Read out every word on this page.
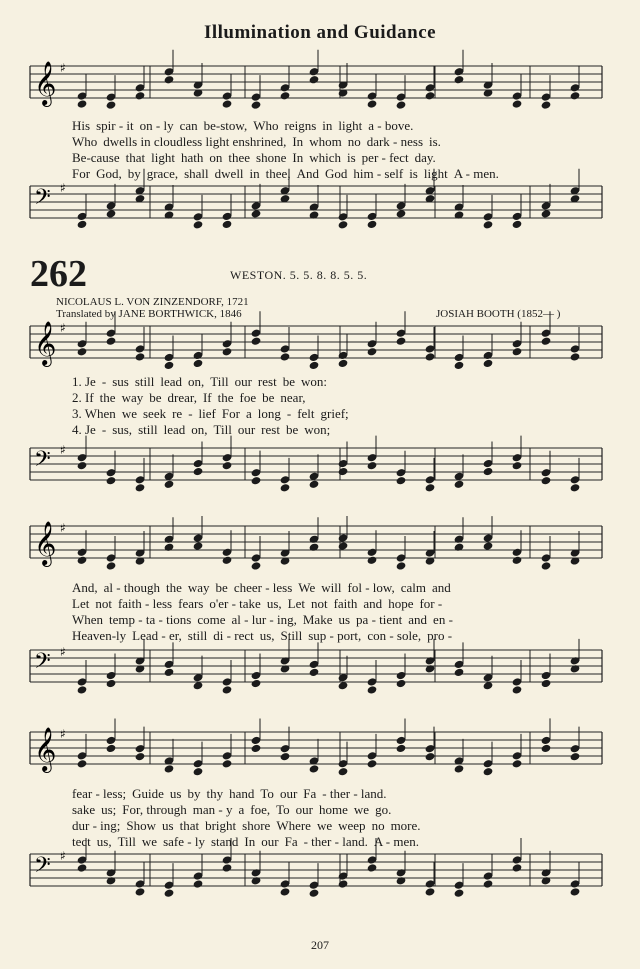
Illumination and Guidance
𝄞 ♯
His spir - it on - ly can be-stow, Who reigns in light a - bove.
Who dwells in cloudless light enshrined, In whom no dark - ness is.
Be-cause that light hath on thee shone In which is per - fect day.
For God, by grace, shall dwell in thee, And God him - self is light A - men.
𝄢 ♯
262	WESTON. 5. 5. 8. 8. 5. 5.
NICOLAUS L. VON ZINZENDORF, 1721
Translated by JANE BORTHWICK, 1846	JOSIAH BOOTH (1852— )
𝄞 ♯
1. Je - sus still lead on, Till our rest be won:
2. If the way be drear, If the foe be near,
3. When we seek re - lief For a long - felt grief;
4. Je - sus, still lead on, Till our rest be won;
𝄢 ♯
𝄞 ♯
And, al - though the way be cheer - less We will fol - low, calm and
Let not faith - less fears o'er - take us, Let not faith and hope for -
When temp - ta - tions come al - lur - ing, Make us pa - tient and en -
Heaven-ly Lead - er, still di - rect us, Still sup - port, con - sole, pro -
𝄢 ♯
𝄞 ♯
fear - less; Guide us by thy hand To our Fa - ther - land.
sake us; For, through man - y a foe, To our home we go.
dur - ing; Show us that bright shore Where we weep no more.
tect us, Till we safe - ly stand In our Fa - ther - land. A - men.
𝄢 ♯
207
